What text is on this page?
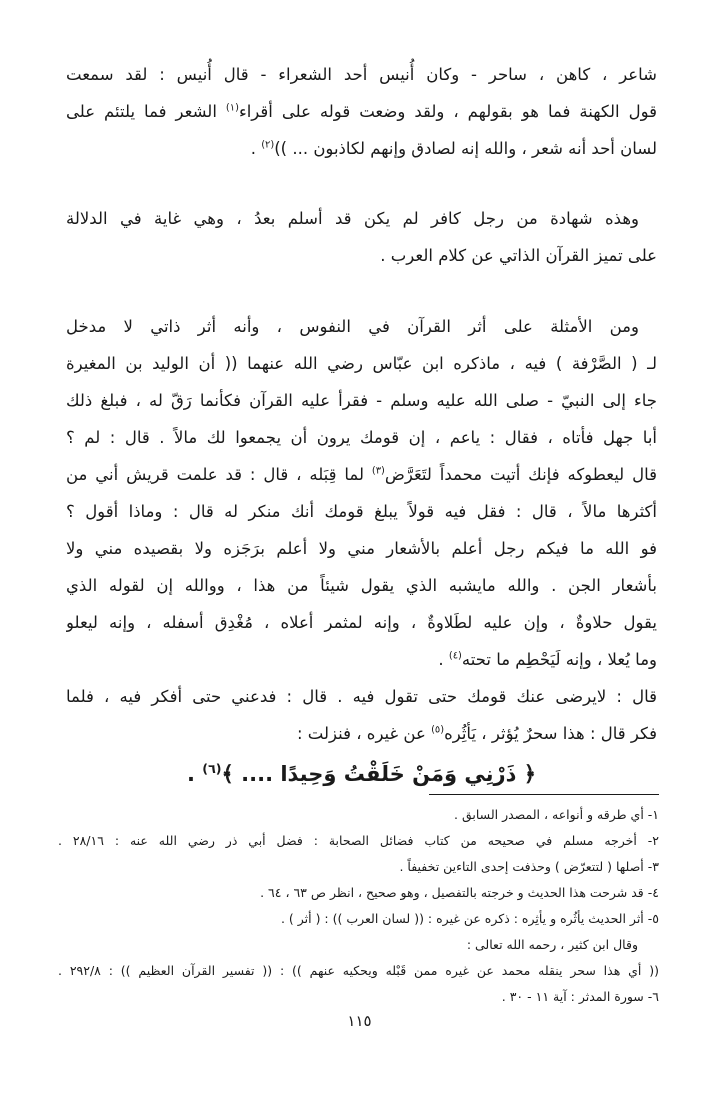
شاعر ، كاهن ، ساحر - وكان أُنيس أحد الشعراء - قال أُنيس : لقد سمعت
قول الكهنة فما هو بقولهم ، ولقد وضعت قوله على أقراء$^{(١)}$ الشعر فما يلتئم على
لسان أحد أنه شعر ، والله إنه لصادق وإنهم لكاذبون ... ))$^{(٢)}$ .
وهذه شهادة من رجل كافر لم يكن قد أسلم بعدُ ، وهي غاية في الدلالة
على تميز القرآن الذاتي عن كلام العرب .
ومن الأمثلة على أثر القرآن في النفوس ، وأنه أثر ذاتي لا مدخل
لـ ( الصَّرْفة ) فيه ، ماذكره ابن عبّاس رضي الله عنهما (( أن الوليد بن المغيرة
جاء إلى النبيّ - صلى الله عليه وسلم - فقرأ عليه القرآن فكأنما رَقّ له ، فبلغ ذلك
أبا جهل فأتاه ، فقال : ياعم ، إن قومك يرون أن يجمعوا لك مالاً . قال : لم ؟
قال ليعطوكه فإنك أتيت محمداً لتَعَرَّض$^{(٣)}$ لما قِبَله ، قال : قد علمت قريش أني من
أكثرها مالاً ، قال : فقل فيه قولاً يبلغ قومك أنك منكر له قال : وماذا أقول ؟
فو الله ما فيكم رجل أعلم بالأشعار مني ولا أعلم برَجَزه ولا بقصيده مني ولا
بأشعار الجن . والله مايشبه الذي يقول شيئاً من هذا ، ووالله إن لقوله الذي
يقول حلاوةٌ ، وإن عليه لطَلاوةٌ ، وإنه لمثمر أعلاه ، مُغْدِق أسفله ، وإنه ليعلو
وما يُعلا ، وإنه لَيَحْطِم ما تحته$^{(٤)}$ .
قال : لايرضى عنك قومك حتى تقول فيه . قال : فدعني حتى أفكر فيه ، فلما
فكر قال : هذا سحرٌ يُؤثر ، يَأثُِره$^{(٥)}$ عن غيره ، فنزلت :
﴿ ذَرْنِي وَمَنْ خَلَقْتُ وَحِيدًا .... ﴾$^{(٦)}$ .
١- أي طرقه و أنواعه ، المصدر السابق .
٢- أخرجه مسلم في صحيحه من كتاب فضائل الصحابة : فضل أبي ذر رضي الله عنه : ٢٨/١٦ .
٣- أصلها ( لتتعرّض ) وحذفت إحدى التاءين تخفيفاً .
٤- قد شرحت هذا الحديث و خرجته بالتفصيل ، وهو صحيح ، انظر ص ٦٣ ، ٦٤ .
٥- أثر الحديث يأثُره و يأثِره : ذكره عن غيره : (( لسان العرب )) : ( أثر ) .
وقال ابن كثير ، رحمه الله تعالى :
(( أي هذا سحر ينقله محمد عن غيره ممن قَبْله ويحكيه عنهم )) : (( تفسير القرآن العظيم )) : ٢٩٢/٨ .
٦- سورة المدثر : آية ١١ - ٣٠ .
١١٥
